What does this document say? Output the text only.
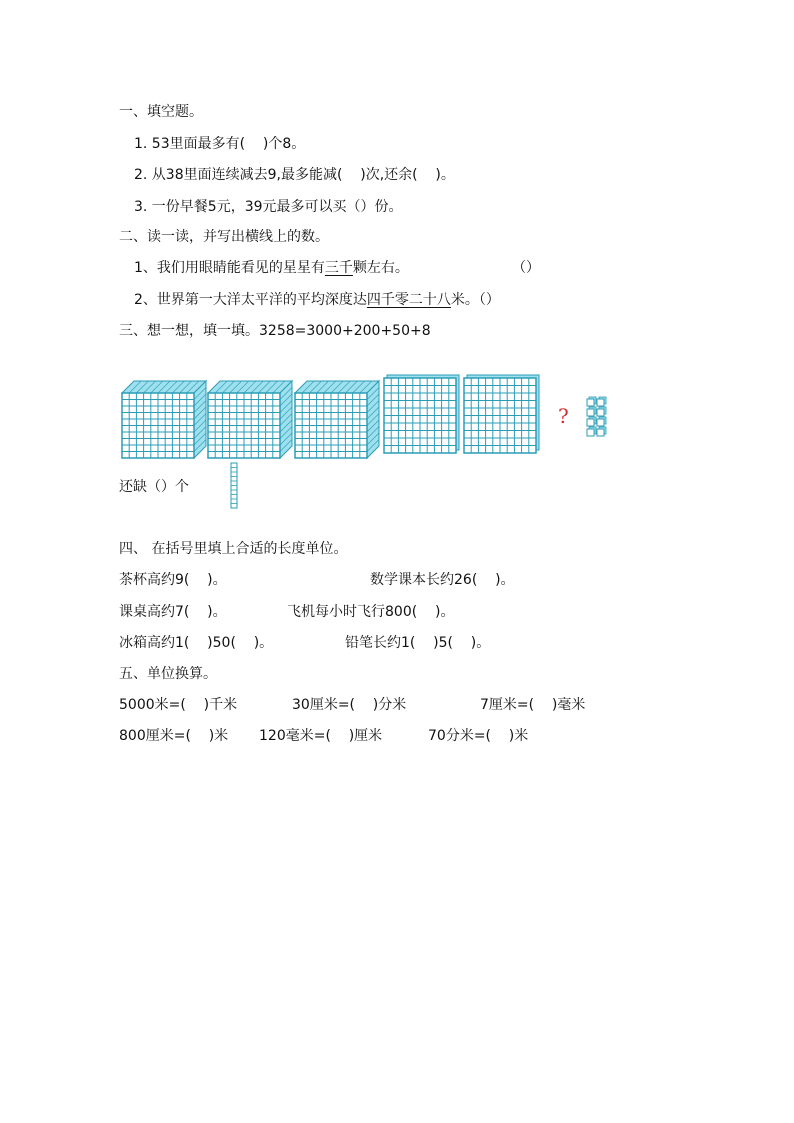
一、填空题。
1. 53里面最多有(    )个8。
2. 从38里面连续减去9,最多能减(    )次,还余(    )。
3. 一份早餐5元，39元最多可以买（）份。
二、读一读，并写出横线上的数。
1、我们用眼睛能看见的星星有三千颗左右。	（）
2、世界第一大洋太平洋的平均深度达四千零二十八米。（）
三、想一想，填一填。3258=3000+200+50+8
?
还缺（）个
四、 在括号里填上合适的长度单位。
茶杯高约9(    )。	数学课本长约26(    )。
课桌高约7(    )。	飞机每小时飞行800(    )。
冰箱高约1(    )50(    )。	铅笔长约1(    )5(    )。
五、单位换算。
5000米=(    )千米	30厘米=(    )分米	7厘米=(    )毫米
800厘米=(    )米 120毫米=(    )厘米	70分米=(    )米
